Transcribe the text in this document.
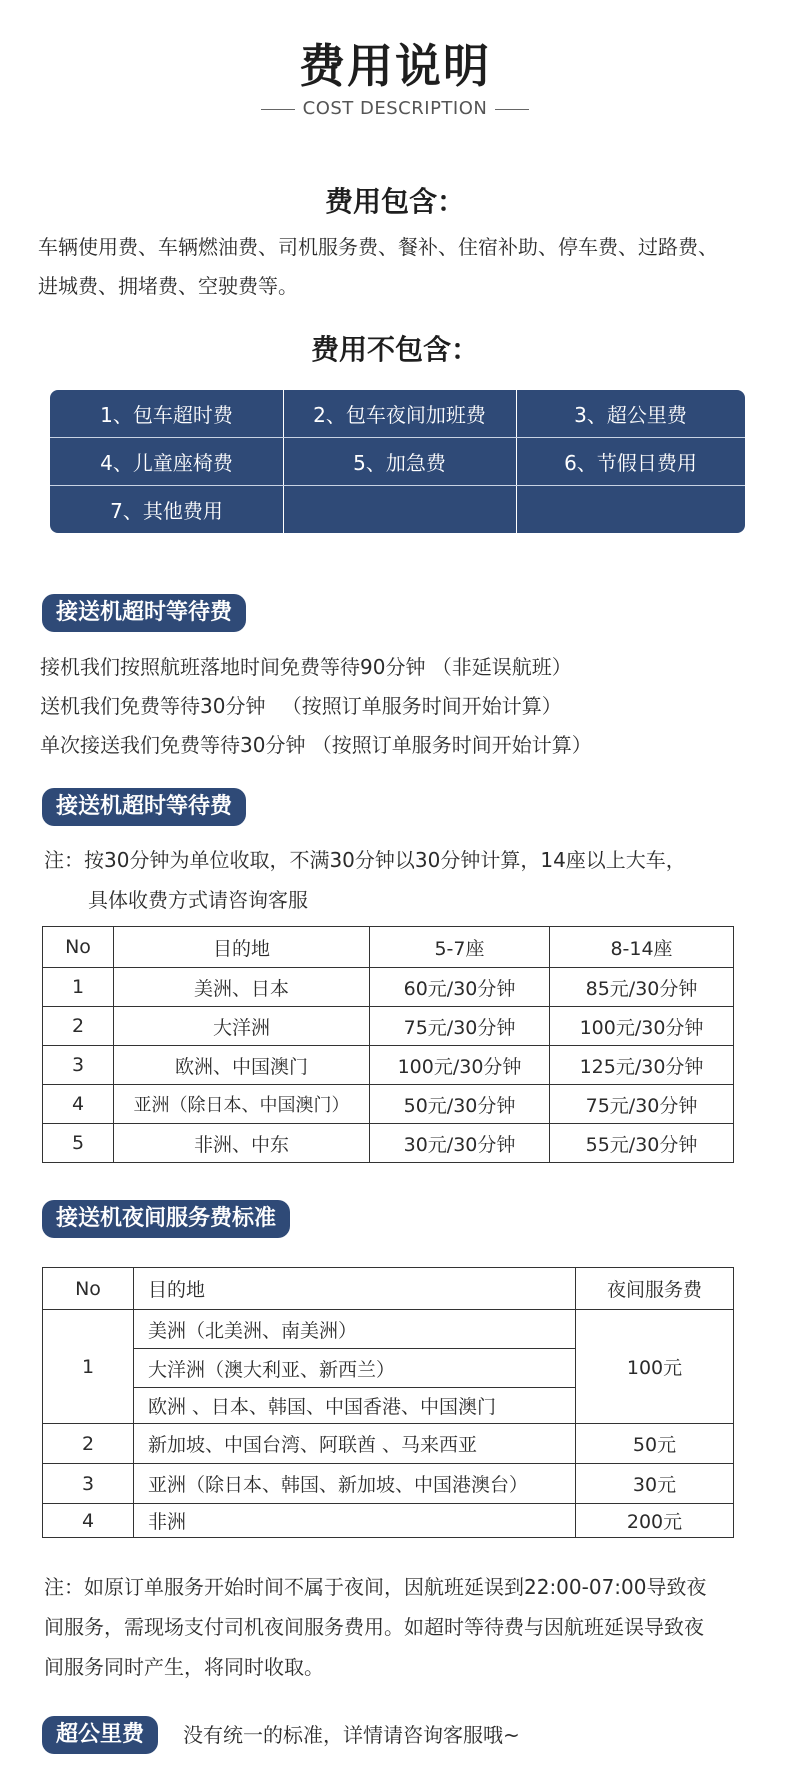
费用说明
COST DESCRIPTION
费用包含：
车辆使用费、车辆燃油费、司机服务费、餐补、住宿补助、停车费、过路费、
进城费、拥堵费、空驶费等。
费用不包含：
1、包车超时费	2、包车夜间加班费	3、超公里费
4、儿童座椅费	5、加急费	6、节假日费用
7、其他费用
接送机超时等待费
接机我们按照航班落地时间免费等待90分钟 （非延误航班）
送机我们免费等待30分钟 　（按照订单服务时间开始计算）
单次接送我们免费等待30分钟 （按照订单服务时间开始计算）
接送机超时等待费
注：按30分钟为单位收取，不满30分钟以30分钟计算，14座以上大车，
具体收费方式请咨询客服
No	目的地	5-7座	8-14座
1	美洲、日本	60元/30分钟	85元/30分钟
2	大洋洲	75元/30分钟	100元/30分钟
3	欧洲、中国澳门	100元/30分钟	125元/30分钟
4	亚洲（除日本、中国澳门）	50元/30分钟	75元/30分钟
5	非洲、中东	30元/30分钟	55元/30分钟
接送机夜间服务费标准
No	目的地	夜间服务费
1	美洲（北美洲、南美洲）	100元
	大洋洲（澳大利亚、新西兰）	
	欧洲 、日本、韩国、中国香港、中国澳门	
2	新加坡、中国台湾、阿联酋 、马来西亚	50元
3	亚洲（除日本、韩国、新加坡、中国港澳台）	30元
4	非洲	200元
注：如原订单服务开始时间不属于夜间，因航班延误到22:00-07:00导致夜
间服务，需现场支付司机夜间服务费用。如超时等待费与因航班延误导致夜
间服务同时产生，将同时收取。
超公里费	没有统一的标准，详情请咨询客服哦~
